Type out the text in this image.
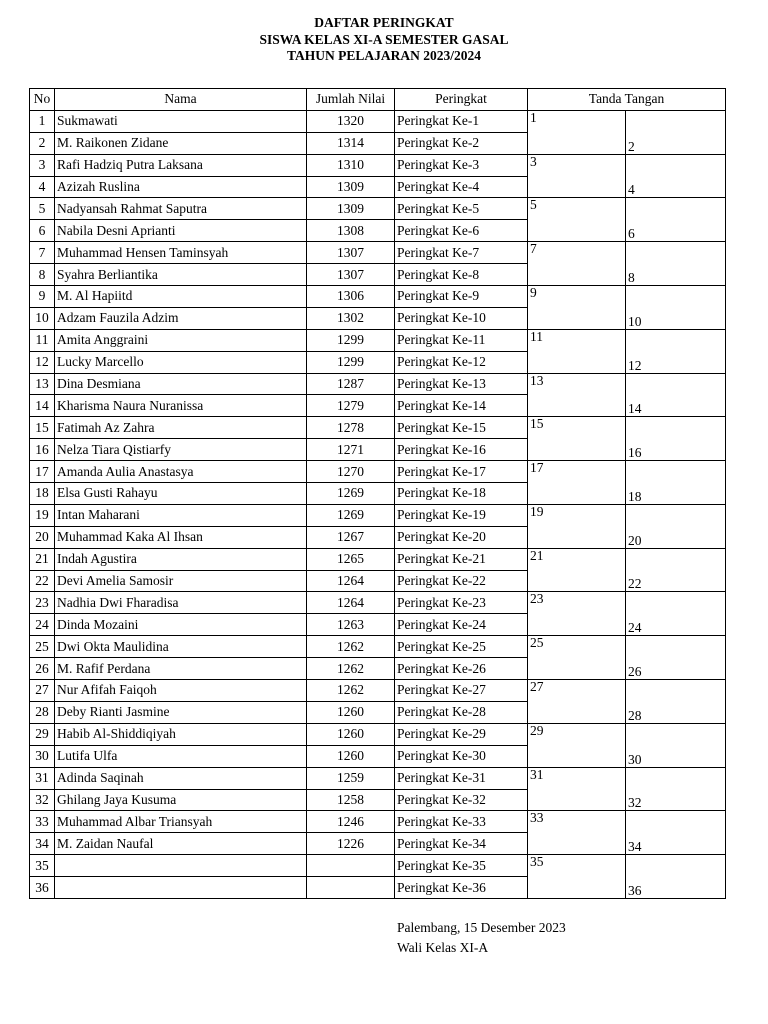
DAFTAR PERINGKAT
SISWA KELAS XI-A SEMESTER GASAL
TAHUN PELAJARAN 2023/2024
No	Nama	Jumlah Nilai	Peringkat	Tanda Tangan	
1	Sukmawati	1320	Peringkat Ke-1	1	2
2	M. Raikonen Zidane	1314	Peringkat Ke-2		
3	Rafi Hadziq Putra Laksana	1310	Peringkat Ke-3	3	4
4	Azizah Ruslina	1309	Peringkat Ke-4		
5	Nadyansah Rahmat Saputra	1309	Peringkat Ke-5	5	6
6	Nabila Desni Aprianti	1308	Peringkat Ke-6		
7	Muhammad Hensen Taminsyah	1307	Peringkat Ke-7	7	8
8	Syahra Berliantika	1307	Peringkat Ke-8		
9	M. Al Hapiitd	1306	Peringkat Ke-9	9	10
10	Adzam Fauzila Adzim	1302	Peringkat Ke-10		
11	Amita Anggraini	1299	Peringkat Ke-11	11	12
12	Lucky Marcello	1299	Peringkat Ke-12		
13	Dina Desmiana	1287	Peringkat Ke-13	13	14
14	Kharisma Naura Nuranissa	1279	Peringkat Ke-14		
15	Fatimah Az Zahra	1278	Peringkat Ke-15	15	16
16	Nelza Tiara Qistiarfy	1271	Peringkat Ke-16		
17	Amanda Aulia Anastasya	1270	Peringkat Ke-17	17	18
18	Elsa Gusti Rahayu	1269	Peringkat Ke-18		
19	Intan Maharani	1269	Peringkat Ke-19	19	20
20	Muhammad Kaka Al Ihsan	1267	Peringkat Ke-20		
21	Indah Agustira	1265	Peringkat Ke-21	21	22
22	Devi Amelia Samosir	1264	Peringkat Ke-22		
23	Nadhia Dwi Fharadisa	1264	Peringkat Ke-23	23	24
24	Dinda Mozaini	1263	Peringkat Ke-24		
25	Dwi Okta Maulidina	1262	Peringkat Ke-25	25	26
26	M. Rafif Perdana	1262	Peringkat Ke-26		
27	Nur Afifah Faiqoh	1262	Peringkat Ke-27	27	28
28	Deby Rianti Jasmine	1260	Peringkat Ke-28		
29	Habib Al-Shiddiqiyah	1260	Peringkat Ke-29	29	30
30	Lutifa Ulfa	1260	Peringkat Ke-30		
31	Adinda Saqinah	1259	Peringkat Ke-31	31	32
32	Ghilang Jaya Kusuma	1258	Peringkat Ke-32		
33	Muhammad Albar Triansyah	1246	Peringkat Ke-33	33	34
34	M. Zaidan Naufal	1226	Peringkat Ke-34		
35			Peringkat Ke-35	35	36
36			Peringkat Ke-36		
Palembang, 15 Desember 2023
Wali Kelas XI-A
